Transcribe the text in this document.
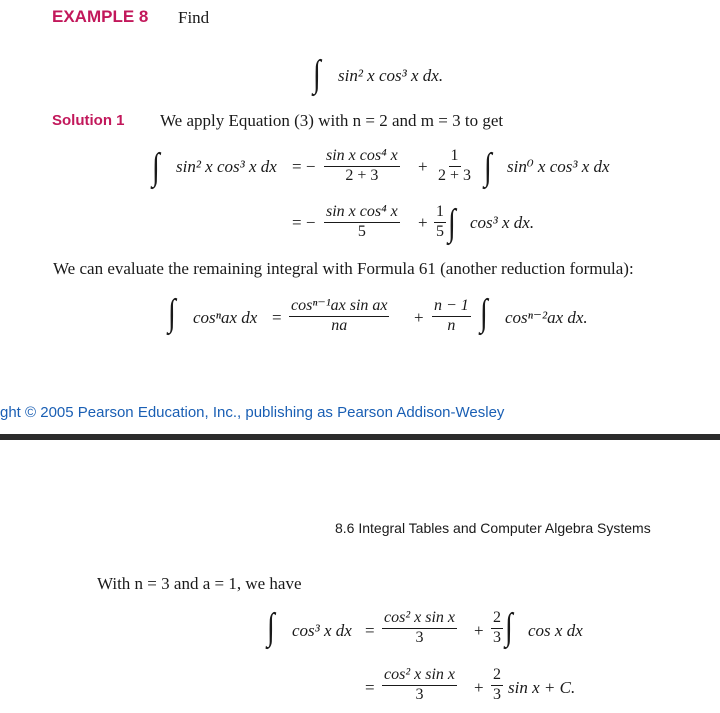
EXAMPLE 8 Find
∫ sin² x cos³ x dx.
Solution 1 We apply Equation (3) with n = 2 and m = 3 to get
∫ sin² x cos³ x dx = − $\frac{\text{sin x cos⁴ x}}{2 + 3} + \frac{1}{2 + 3}$ ∫ sin⁰ x cos³ x dx
= − $\frac{\text{sin x cos⁴ x}}{5} + \frac{1}{5}$ ∫ cos³ x dx.
We can evaluate the remaining integral with Formula 61 (another reduction formula):
∫ cosⁿax dx = $\frac{\text{cosⁿ⁻¹ax sin ax}}{na} + \frac{n - 1}{n}$ ∫ cosⁿ⁻²ax dx.
ght © 2005 Pearson Education, Inc., publishing as Pearson Addison-Wesley
8.6 Integral Tables and Computer Algebra Systems
With n = 3 and a = 1, we have
∫ cos³ x dx = $\frac{\text{cos² x sin x}}{3} + \frac{2}{3}$ ∫ cos x dx
= $\frac{\text{cos² x sin x}}{3} + \frac{2}{3}$ sin x + C.
